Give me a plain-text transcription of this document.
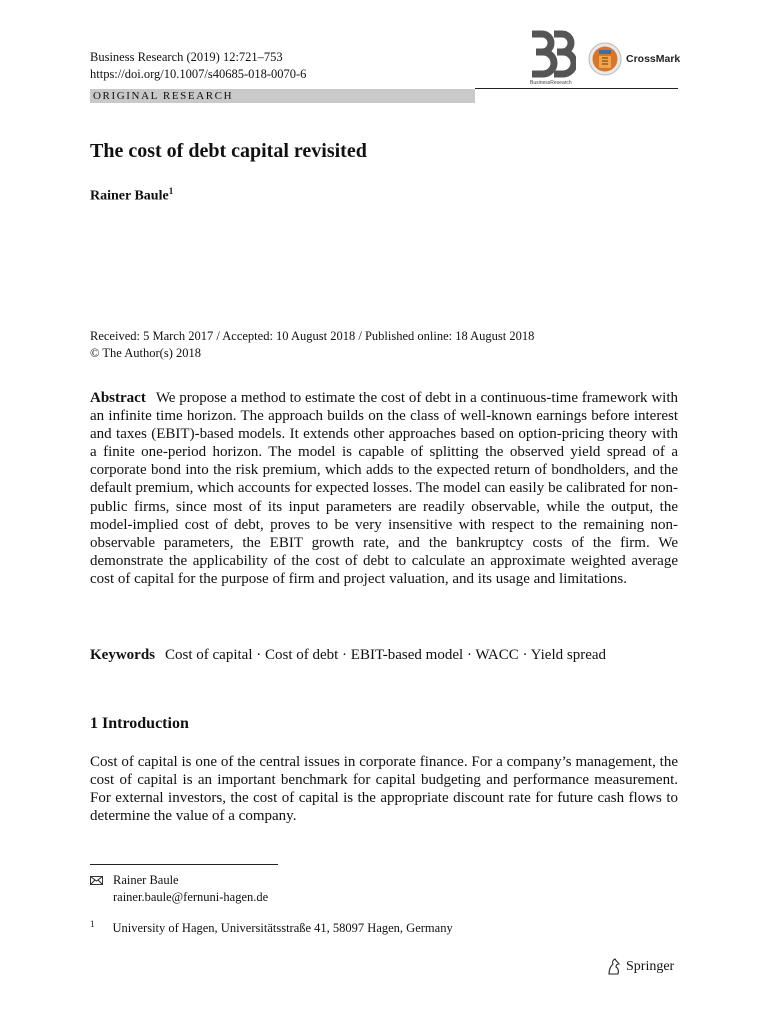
Business Research (2019) 12:721–753
https://doi.org/10.1007/s40685-018-0070-6
BusinessResearch
CrossMark
ORIGINAL RESEARCH
The cost of debt capital revisited
Rainer Baule$^1$
Received: 5 March 2017 / Accepted: 10 August 2018 / Published online: 18 August 2018
© The Author(s) 2018

Abstract We propose a method to estimate the cost of debt in a continuous-time framework with an infinite time horizon. The approach builds on the class of well-known earnings before interest and taxes (EBIT)-based models. It extends other approaches based on option-pricing theory with a finite one-period horizon. The model is capable of splitting the observed yield spread of a corporate bond into the risk premium, which adds to the expected return of bondholders, and the default premium, which accounts for expected losses. The model can easily be calibrated for non-public firms, since most of its input parameters are readily observable, while the output, the model-implied cost of debt, proves to be very insensitive with respect to the remaining non-observable parameters, the EBIT growth rate, and the bankruptcy costs of the firm. We demonstrate the applicability of the cost of debt to calculate an approximate weighted average cost of capital for the purpose of firm and project valuation, and its usage and limitations.

Keywords Cost of capital · Cost of debt · EBIT-based model · WACC · Yield spread

1 Introduction

Cost of capital is one of the central issues in corporate finance. For a company’s management, the cost of capital is an important benchmark for capital budgeting and performance measurement. For external investors, the cost of capital is the appropriate discount rate for future cash flows to determine the value of a company.

Rainer Baule
rainer.baule@fernuni-hagen.de
$^1$ University of Hagen, Universitätsstraße 41, 58097 Hagen, Germany
Springer
